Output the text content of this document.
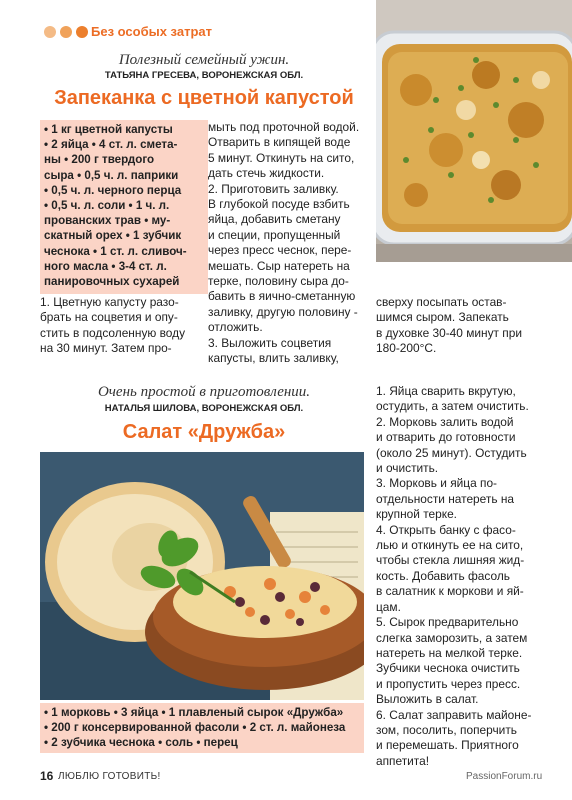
Без особых затрат
Полезный семейный ужин.
ТАТЬЯНА ГРЕСЕВА, ВОРОНЕЖСКАЯ ОБЛ.
Запеканка с цветной капустой
• 1 кг цветной капусты
• 2 яйца • 4 ст. л. смета-
ны • 200 г твердого
сыра • 0,5 ч. л. паприки
• 0,5 ч. л. черного перца
• 0,5 ч. л. соли • 1 ч. л.
прованских трав • му-
скатный орех • 1 зубчик
чеснока • 1 ст. л. сливоч-
ного масла • 3-4 ст. л.
панировочных сухарей

1. Цветную капусту разо-

брать на соцветия и опу-

стить в подсоленную воду

на 30 минут. Затем про-

мыть под проточной водой.

Отварить в кипящей воде

5 минут. Откинуть на сито,

дать стечь жидкости.

2. Приготовить заливку.

В глубокой посуде взбить

яйца, добавить сметану

и специи, пропущенный

через пресс чеснок, пере-

мешать. Сыр натереть на

терке, половину сыра до-

бавить в яично-сметанную

заливку, другую половину -

отложить.

3. Выложить соцветия

капусты, влить заливку,

сверху посыпать остав-

шимся сыром. Запекать

в духовке 30-40 минут при

180-200°C.

Очень простой в приготовлении.
НАТАЛЬЯ ШИЛОВА, ВОРОНЕЖСКАЯ ОБЛ.
Салат «Дружба»
• 1 морковь • 3 яйца • 1 плавленый сырок «Дружба»
• 200 г консервированной фасоли • 2 ст. л. майонеза
• 2 зубчика чеснока • соль • перец

1. Яйца сварить вкрутую,

остудить, а затем очистить.

2. Морковь залить водой

и отварить до готовности

(около 25 минут). Остудить

и очистить.

3. Морковь и яйца по-

отдельности натереть на

крупной терке.

4. Открыть банку с фасо-

лью и откинуть ее на сито,

чтобы стекла лишняя жид-

кость. Добавить фасоль

в салатник к моркови и яй-

цам.

5. Сырок предварительно

слегка заморозить, а затем

натереть на мелкой терке.

Зубчики чеснока очистить

и пропустить через пресс.

Выложить в салат.

6. Салат заправить майоне-

зом, посолить, поперчить

и перемешать. Приятного

аппетита!

16 ЛЮБЛЮ ГОТОВИТЬ!	PassionForum.ru
